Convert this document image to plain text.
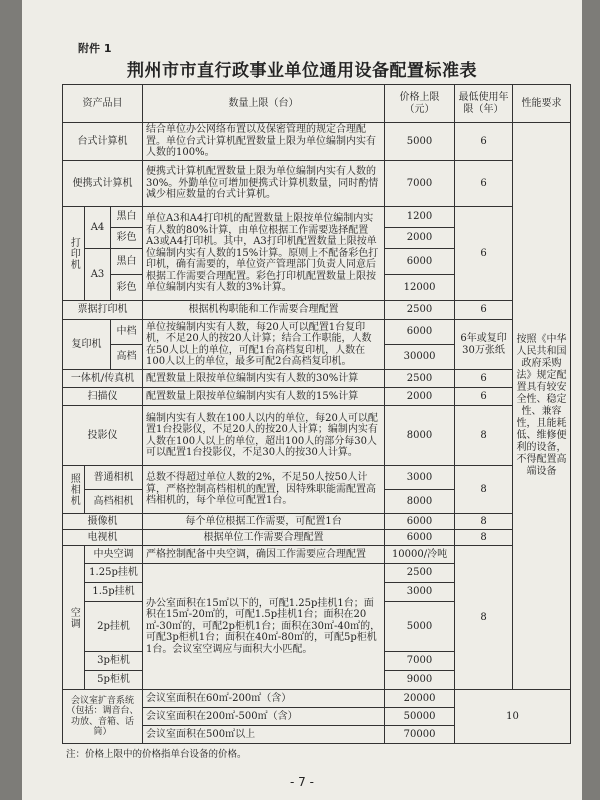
附件 1
荆州市市直行政事业单位通用设备配置标准表
资产品目			数量上限（台）	价格上限（元）	最低使用年限（年）	性能要求
台式计算机			结合单位办公网络布置以及保密管理的规定合理配置。单位台式计算机配置数量上限为单位编制内实有人数的100%。	5000	6	按照《中华人民共和国政府采购法》规定配置具有较安全性、稳定性、兼容性，且能耗低、维修便利的设备，不得配置高端设备
便携式计算机			便携式计算机配置数量上限为单位编制内实有人数的30%。外勤单位可增加便携式计算机数量，同时酌情减少相应数量的台式计算机。	7000	6	
打印机	A4	黑白	单位A3和A4打印机的配置数量上限按单位编制内实有人数的80%计算，由单位根据工作需要选择配置A3或A4打印机。其中，A3打印机配置数量上限按单位编制内实有人数的15%计算。原则上不配备彩色打印机，确有需要的，单位资产管理部门负责人同意后根据工作需要合理配置。彩色打印机配置数量上限按单位编制内实有人数的3%计算。	1200	6	
		彩色		2000		
	A3	黑白		6000		
		彩色		12000		
票据打印机			根据机构职能和工作需要合理配置	2500	6	
复印机		中档	单位按编制内实有人数，每20人可以配置1台复印机，不足20人的按20人计算；结合工作职能，人数在50人以上的单位，可配1台高档复印机，人数在100人以上的单位，最多可配2台高档复印机。	6000	6年或复印30万张纸	
		高档		30000		
一体机/传真机			配置数量上限按单位编制内实有人数的30%计算	2500	6	
扫描仪			配置数量上限按单位编制内实有人数的15%计算	2000	6	
投影仪			编制内实有人数在100人以内的单位，每20人可以配置1台投影仪，不足20人的按20人计算；编制内实有人数在100人以上的单位，超出100人的部分每30人可以配置1台投影仪，不足30人的按30人计算。	8000	8	
照相机	普通相机		总数不得超过单位人数的2%，不足50人按50人计算，严格控制高档相机的配置，因特殊职能需配置高档相机的，每个单位可配置1台。	3000	8	
	高档相机			8000		
摄像机			每个单位根据工作需要，可配置1台	6000	8	
电视机			根据单位工作需要合理配置	6000	8	
空调	中央空调		严格控制配备中央空调，确因工作需要应合理配置	10000/冷吨	8	
	1.25p挂机		办公室面积在15㎡以下的，可配1.25p挂机1台；面积在15㎡-20㎡的，可配1.5p挂机1台；面积在20㎡-30㎡的，可配2p柜机1台；面积在30㎡-40㎡的，可配3p柜机1台；面积在40㎡-80㎡的，可配5p柜机1台。会议室空调应与面积大小匹配。	2500		
	1.5p挂机			3000		
	2p挂机			5000		
	3p柜机			7000		
	5p柜机			9000		
会议室扩音系统（包括：调音台、功放、音箱、话筒）			会议室面积在60㎡-200㎡（含）	20000	10	
			会议室面积在200㎡-500㎡（含）	50000		
			会议室面积在500㎡以上	70000		
注：价格上限中的价格指单台设备的价格。
- 7 -
